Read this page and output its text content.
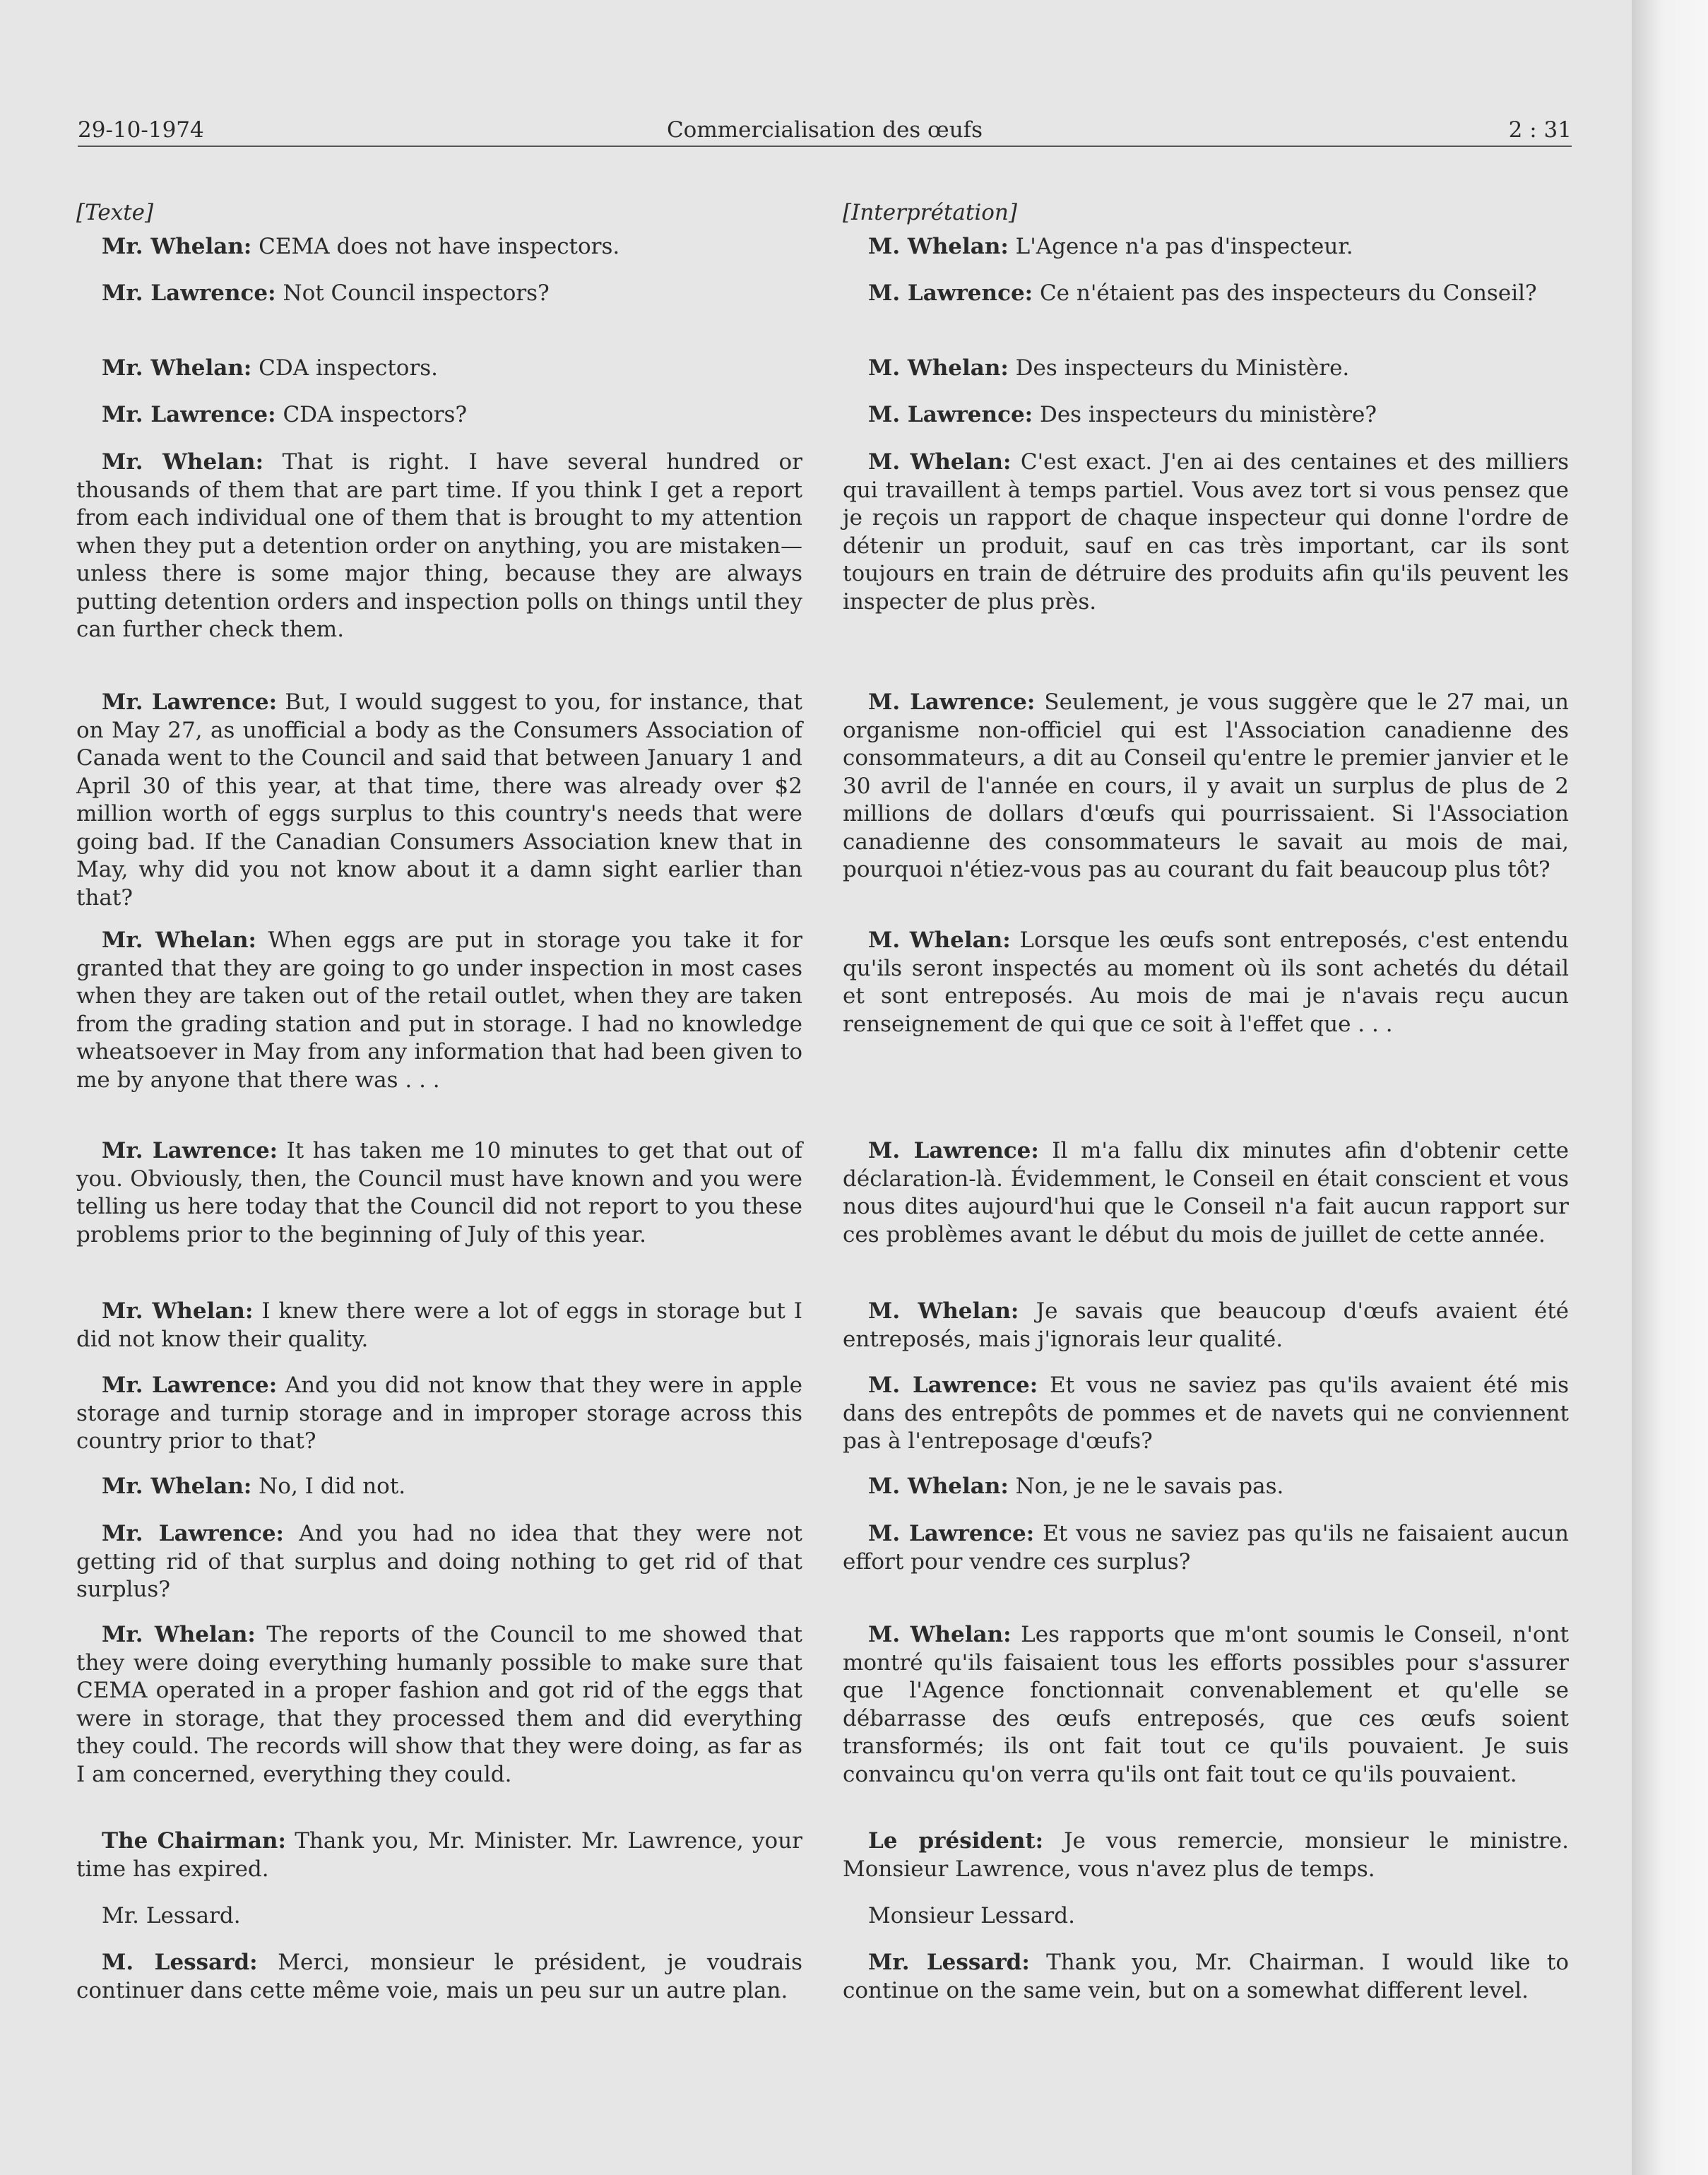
29-10-1974	Commercialisation des œufs	2 : 31
[Texte]

Mr. Whelan: CEMA does not have inspectors.

Mr. Lawrence: Not Council inspectors?

Mr. Whelan: CDA inspectors.

Mr. Lawrence: CDA inspectors?

Mr. Whelan: That is right. I have several hundred or thousands of them that are part time. If you think I get a report from each individual one of them that is brought to my attention when they put a detention order on anything, you are mistaken—unless there is some major thing, because they are always putting detention orders and inspection polls on things until they can further check them.

Mr. Lawrence: But, I would suggest to you, for instance, that on May 27, as unofficial a body as the Consumers Association of Canada went to the Council and said that between January 1 and April 30 of this year, at that time, there was already over $2 million worth of eggs surplus to this country's needs that were going bad. If the Canadian Consumers Association knew that in May, why did you not know about it a damn sight earlier than that?

Mr. Whelan: When eggs are put in storage you take it for granted that they are going to go under inspection in most cases when they are taken out of the retail outlet, when they are taken from the grading station and put in storage. I had no knowledge wheatsoever in May from any information that had been given to me by anyone that there was . . .

Mr. Lawrence: It has taken me 10 minutes to get that out of you. Obviously, then, the Council must have known and you were telling us here today that the Council did not report to you these problems prior to the beginning of July of this year.

Mr. Whelan: I knew there were a lot of eggs in storage but I did not know their quality.

Mr. Lawrence: And you did not know that they were in apple storage and turnip storage and in improper storage across this country prior to that?

Mr. Whelan: No, I did not.

Mr. Lawrence: And you had no idea that they were not getting rid of that surplus and doing nothing to get rid of that surplus?

Mr. Whelan: The reports of the Council to me showed that they were doing everything humanly possible to make sure that CEMA operated in a proper fashion and got rid of the eggs that were in storage, that they processed them and did everything they could. The records will show that they were doing, as far as I am concerned, everything they could.

The Chairman: Thank you, Mr. Minister. Mr. Lawrence, your time has expired.

Mr. Lessard.

M. Lessard: Merci, monsieur le président, je voudrais continuer dans cette même voie, mais un peu sur un autre plan.

[Interprétation]

M. Whelan: L'Agence n'a pas d'inspecteur.

M. Lawrence: Ce n'étaient pas des inspecteurs du Conseil?

M. Whelan: Des inspecteurs du Ministère.

M. Lawrence: Des inspecteurs du ministère?

M. Whelan: C'est exact. J'en ai des centaines et des milliers qui travaillent à temps partiel. Vous avez tort si vous pensez que je reçois un rapport de chaque inspecteur qui donne l'ordre de détenir un produit, sauf en cas très important, car ils sont toujours en train de détruire des produits afin qu'ils peuvent les inspecter de plus près.

M. Lawrence: Seulement, je vous suggère que le 27 mai, un organisme non-officiel qui est l'Association canadienne des consommateurs, a dit au Conseil qu'entre le premier janvier et le 30 avril de l'année en cours, il y avait un surplus de plus de 2 millions de dollars d'œufs qui pourrissaient. Si l'Association canadienne des consommateurs le savait au mois de mai, pourquoi n'étiez-vous pas au courant du fait beaucoup plus tôt?

M. Whelan: Lorsque les œufs sont entreposés, c'est entendu qu'ils seront inspectés au moment où ils sont achetés du détail et sont entreposés. Au mois de mai je n'avais reçu aucun renseignement de qui que ce soit à l'effet que . . .

M. Lawrence: Il m'a fallu dix minutes afin d'obtenir cette déclaration-là. Évidemment, le Conseil en était conscient et vous nous dites aujourd'hui que le Conseil n'a fait aucun rapport sur ces problèmes avant le début du mois de juillet de cette année.

M. Whelan: Je savais que beaucoup d'œufs avaient été entreposés, mais j'ignorais leur qualité.

M. Lawrence: Et vous ne saviez pas qu'ils avaient été mis dans des entrepôts de pommes et de navets qui ne conviennent pas à l'entreposage d'œufs?

M. Whelan: Non, je ne le savais pas.

M. Lawrence: Et vous ne saviez pas qu'ils ne faisaient aucun effort pour vendre ces surplus?

M. Whelan: Les rapports que m'ont soumis le Conseil, n'ont montré qu'ils faisaient tous les efforts possibles pour s'assurer que l'Agence fonctionnait convenablement et qu'elle se débarrasse des œufs entreposés, que ces œufs soient transformés; ils ont fait tout ce qu'ils pouvaient. Je suis convaincu qu'on verra qu'ils ont fait tout ce qu'ils pouvaient.

Le président: Je vous remercie, monsieur le ministre. Monsieur Lawrence, vous n'avez plus de temps.

Monsieur Lessard.

Mr. Lessard: Thank you, Mr. Chairman. I would like to continue on the same vein, but on a somewhat different level.
